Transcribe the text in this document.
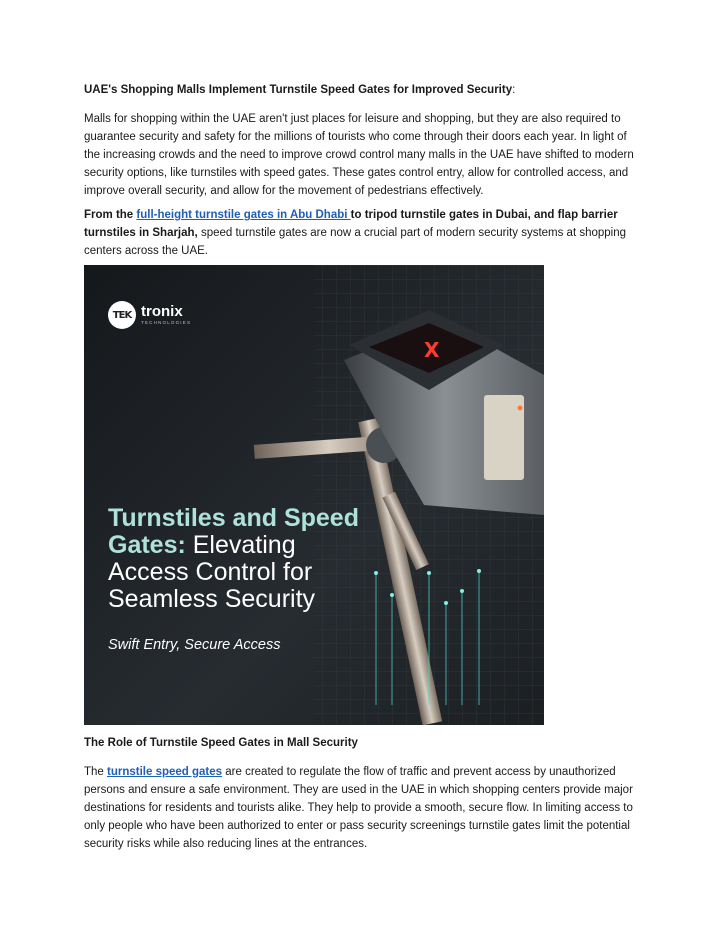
UAE's Shopping Malls Implement Turnstile Speed Gates for Improved Security:

Malls for shopping within the UAE aren't just places for leisure and shopping, but they are also required to guarantee security and safety for the millions of tourists who come through their doors each year. In light of the increasing crowds and the need to improve crowd control many malls in the UAE have shifted to modern security options, like turnstiles with speed gates. These gates control entry, allow for controlled access, and improve overall security, and allow for the movement of pedestrians effectively.

From the full-height turnstile gates in Abu Dhabi to tripod turnstile gates in Dubai, and flap barrier turnstiles in Sharjah, speed turnstile gates are now a crucial part of modern security systems at shopping centers across the UAE.

X
TEK tronix
TECHNOLOGIES

Turnstiles and Speed
Gates: Elevating
Access Control for
Seamless Security

Swift Entry, Secure Access

The Role of Turnstile Speed Gates in Mall Security

The turnstile speed gates are created to regulate the flow of traffic and prevent access by unauthorized persons and ensure a safe environment. They are used in the UAE in which shopping centers provide major destinations for residents and tourists alike. They help to provide a smooth, secure flow. In limiting access to only people who have been authorized to enter or pass security screenings turnstile gates limit the potential security risks while also reducing lines at the entrances.
